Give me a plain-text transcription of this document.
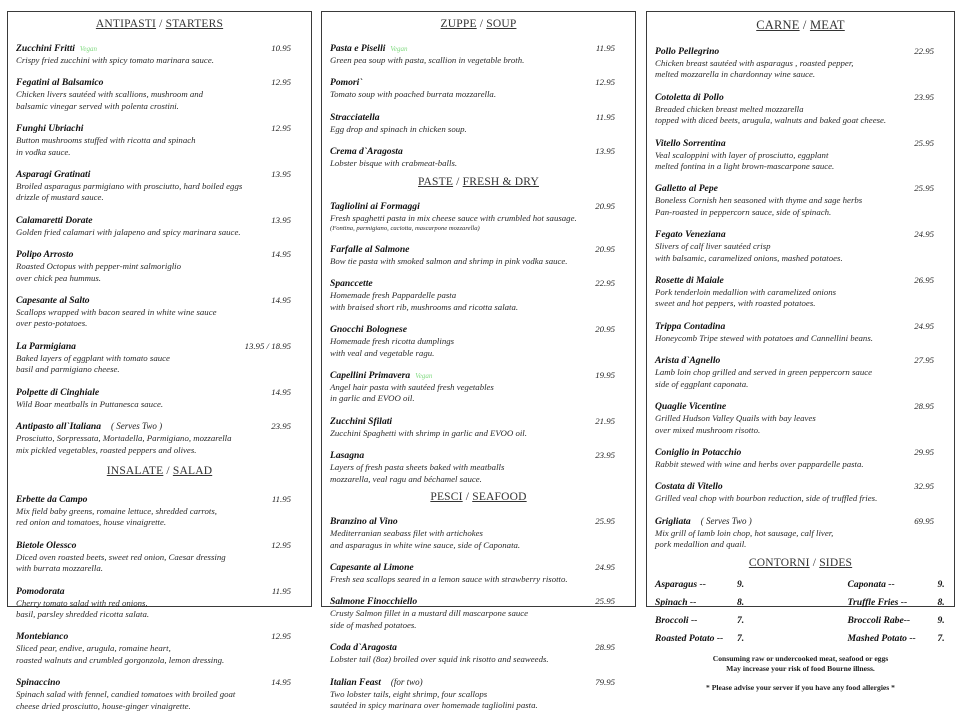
ANTIPASTI / STARTERS
Zucchini Fritti Vegan	10.95
Crispy fried zucchini with spicy tomato marinara sauce.
Fegatini al Balsamico	12.95
Chicken livers sautéed with scallions, mushroom and
balsamic vinegar served with polenta crostini.
Funghi Ubriachi	12.95
Button mushrooms stuffed with ricotta and spinach
in vodka sauce.
Asparagi Gratinati	13.95
Broiled asparagus parmigiano with prosciutto, hard boiled eggs
drizzle of mustard sauce.
Calamaretti Dorate	13.95
Golden fried calamari with jalapeno and spicy marinara sauce.
Polipo Arrosto	14.95
Roasted Octopus with pepper-mint salmoriglio
over chick pea hummus.
Capesante al Salto	14.95
Scallops wrapped with bacon seared in white wine sauce
over pesto-potatoes.
La Parmigiana	13.95 / 18.95
Baked layers of eggplant with tomato sauce
basil and parmigiano cheese.
Polpette di Cinghiale	14.95
Wild Boar meatballs in Puttanesca sauce.
Antipasto all`Italiana ( Serves Two )	23.95
Prosciutto, Sorpressata, Mortadella, Parmigiano, mozzarella
mix pickled vegetables, roasted peppers and olives.
INSALATE / SALAD
Erbette da Campo	11.95
Mix field baby greens, romaine lettuce, shredded carrots,
red onion and tomatoes, house vinaigrette.
Bietole Olessco	12.95
Diced oven roasted beets, sweet red onion, Caesar dressing
with burrata mozzarella.
Pomodorata	11.95
Cherry tomato salad with red onions,
basil, parsley shredded ricotta salata.
Montebianco	12.95
Sliced pear, endive, arugula, romaine heart,
roasted walnuts and crumbled gorgonzola, lemon dressing.
Spinaccino	14.95
Spinach salad with fennel, candied tomatoes with broiled goat
cheese dried prosciutto, house-ginger vinaigrette.
ZUPPE / SOUP
Pasta e Piselli Vegan	11.95
Green pea soup with pasta, scallion in vegetable broth.
Pomori`	12.95
Tomato soup with poached burrata mozzarella.
Stracciatella	11.95
Egg drop and spinach in chicken soup.
Crema d`Aragosta	13.95
Lobster bisque with crabmeat-balls.
PASTE / FRESH & DRY
Tagliolini ai Formaggi	20.95
Fresh spaghetti pasta in mix cheese sauce with crumbled hot sausage.
(Fontina, parmigiano, caciotta, mascarpone mozzarella)
Farfalle al Salmone	20.95
Bow tie pasta with smoked salmon and shrimp in pink vodka sauce.
Spanccette	22.95
Homemade fresh Pappardelle pasta
with braised short rib, mushrooms and ricotta salata.
Gnocchi Bolognese	20.95
Homemade fresh ricotta dumplings
with veal and vegetable ragu.
Capellini Primavera Vegan	19.95
Angel hair pasta with sautéed fresh vegetables
in garlic and EVOO oil.
Zucchini Sfilati	21.95
Zucchini Spaghetti with shrimp in garlic and EVOO oil.
Lasagna	23.95
Layers of fresh pasta sheets baked with meatballs
mozzarella, veal ragu and béchamel sauce.
PESCI / SEAFOOD
Branzino al Vino	25.95
Mediterranian seabass filet with artichokes
and asparagus in white wine sauce, side of Caponata.
Capesante al Limone	24.95
Fresh sea scallops seared in a lemon sauce with strawberry risotto.
Salmone Finocchiello	25.95
Crusty Salmon fillet in a mustard dill mascarpone sauce
side of mashed potatoes.
Coda d`Aragosta	28.95
Lobster tail (8oz) broiled over squid ink risotto and seaweeds.
Italian Feast (for two)	79.95
Two lobster tails, eight shrimp, four scallops
sautéed in spicy marinara over homemade tagliolini pasta.
CARNE / MEAT
Pollo Pellegrino	22.95
Chicken breast sautéed with asparagus , roasted pepper,
melted mozzarella in chardonnay wine sauce.
Cotoletta di Pollo	23.95
Breaded chicken breast melted mozzarella
topped with diced beets, arugula, walnuts and baked goat cheese.
Vitello Sorrentina	25.95
Veal scaloppini with layer of prosciutto, eggplant
melted fontina in a light brown-mascarpone sauce.
Galletto al Pepe	25.95
Boneless Cornish hen seasoned with thyme and sage herbs
Pan-roasted in peppercorn sauce, side of spinach.
Fegato Veneziana	24.95
Slivers of calf liver sautéed crisp
with balsamic, caramelized onions, mashed potatoes.
Rosette di Maiale	26.95
Pork tenderloin medallion with caramelized onions
sweet and hot peppers, with roasted potatoes.
Trippa Contadina	24.95
Honeycomb Tripe stewed with potatoes and Cannellini beans.
Arista d`Agnello	27.95
Lamb loin chop grilled and served in green peppercorn sauce
side of eggplant caponata.
Quaglie Vicentine	28.95
Grilled Hudson Valley Quails with bay leaves
over mixed mushroom risotto.
Coniglio in Potacchio	29.95
Rabbit stewed with wine and herbs over pappardelle pasta.
Costata di Vitello	32.95
Grilled veal chop with bourbon reduction, side of truffled fries.
Grigliata ( Serves Two )	69.95
Mix grill of lamb loin chop, hot sausage, calf liver,
pork medallion and quail.
CONTORNI / SIDES
Asparagus --	9.	Caponata --	9.
Spinach --	8.	Truffle Fries --	8.
Broccoli --	7.	Broccoli Rabe--	9.
Roasted Potato --	7.	Mashed Potato --	7.
Consuming raw or undercooked meat, seafood or eggs
May increase your risk of food Bourne illness.
* Please advise your server if you have any food allergies *
